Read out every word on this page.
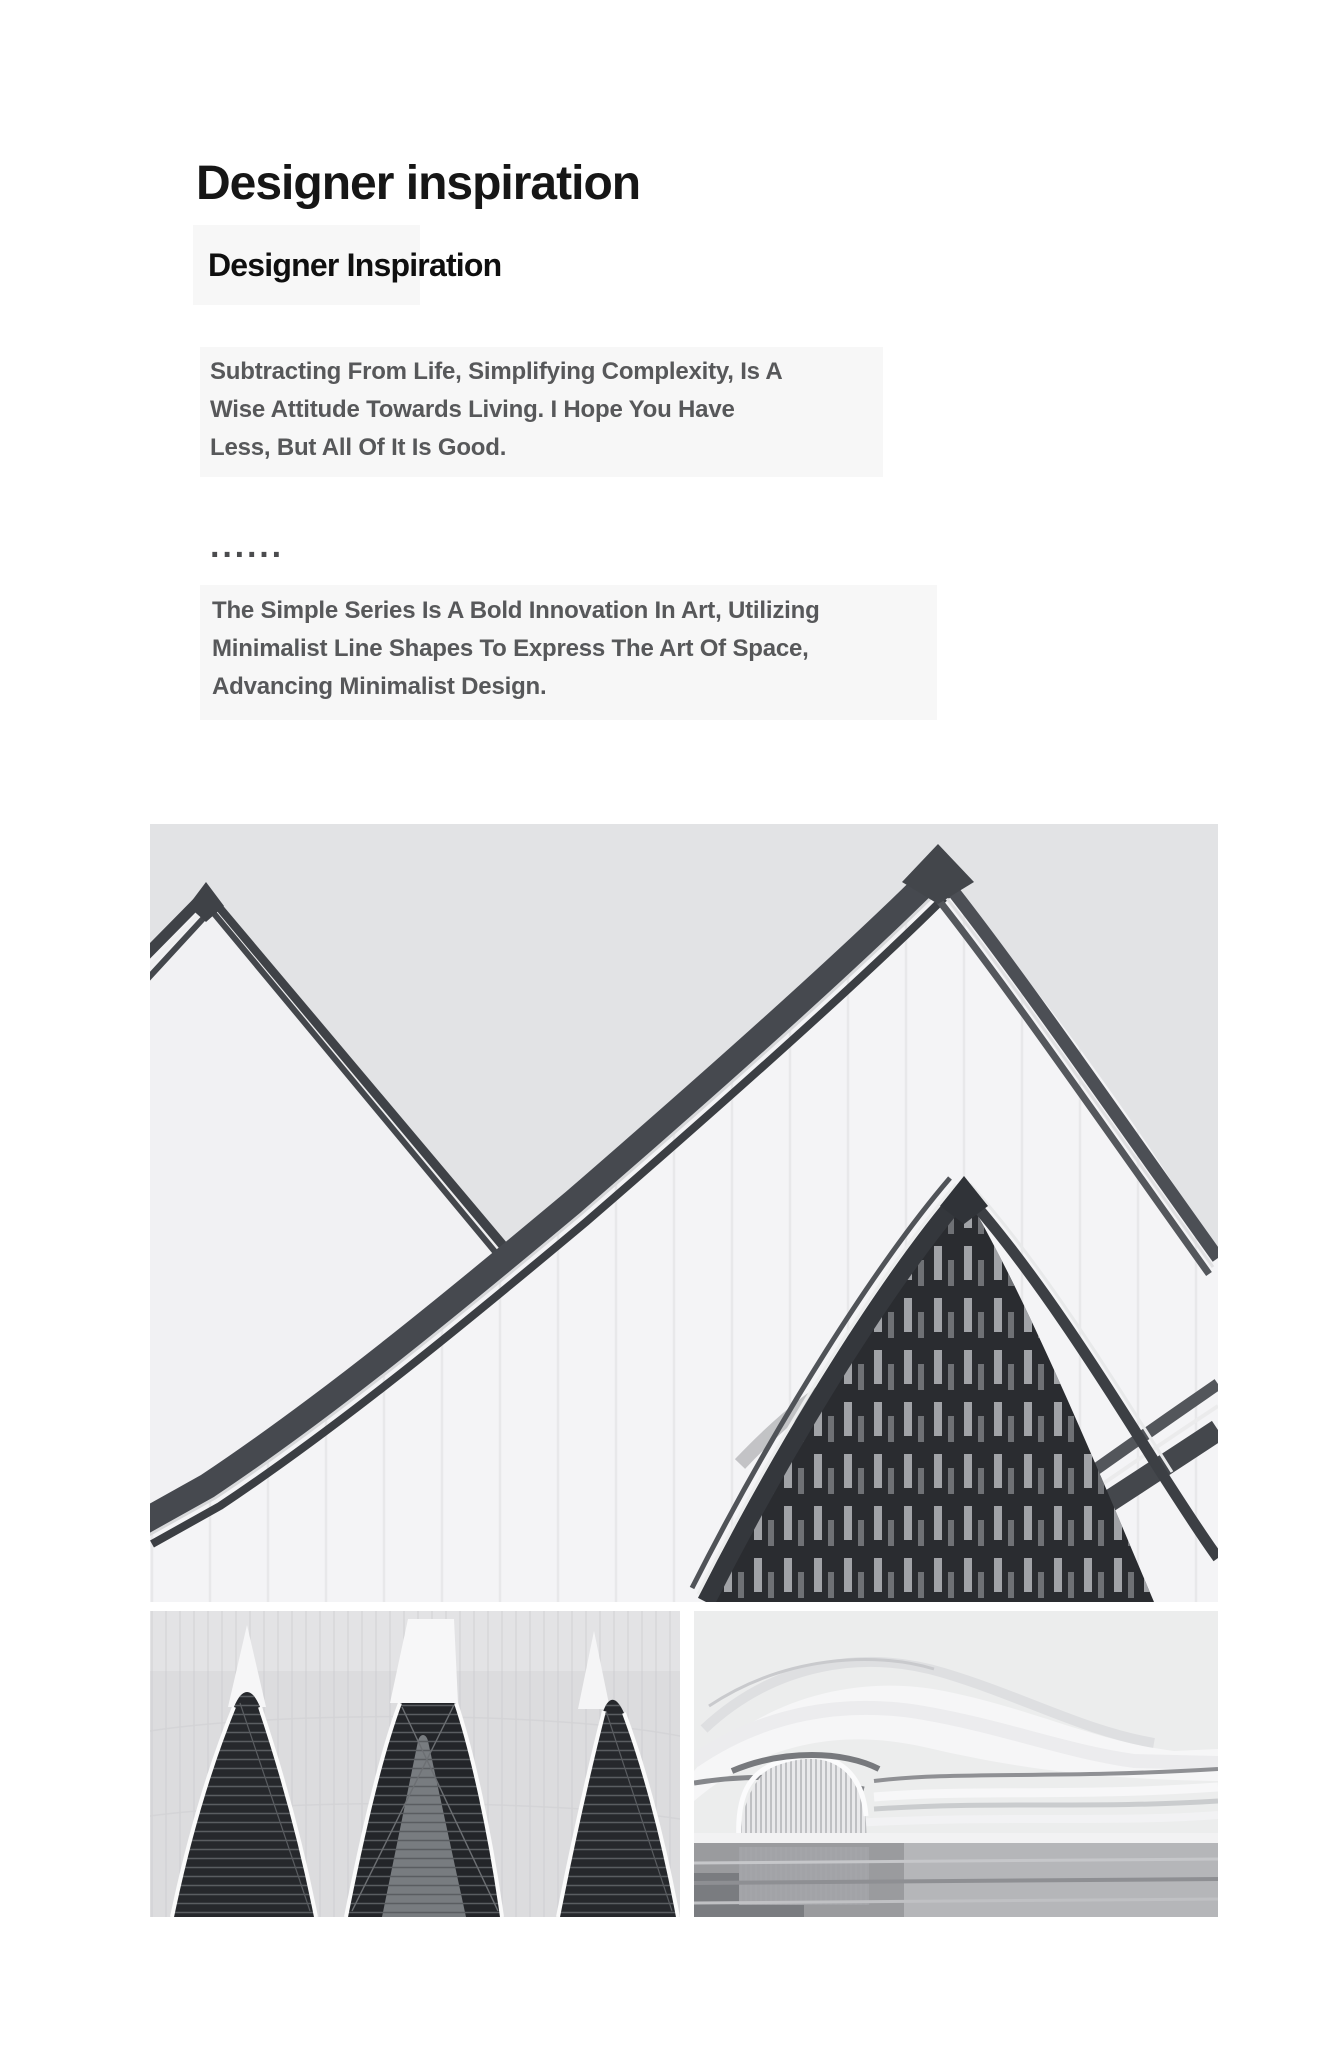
Designer inspiration
Designer Inspiration
Subtracting From Life, Simplifying Complexity, Is A
Wise Attitude Towards Living. I Hope You Have
Less, But All Of It Is Good.
······
The Simple Series Is A Bold Innovation In Art, Utilizing
Minimalist Line Shapes To Express The Art Of Space,
Advancing Minimalist Design.
